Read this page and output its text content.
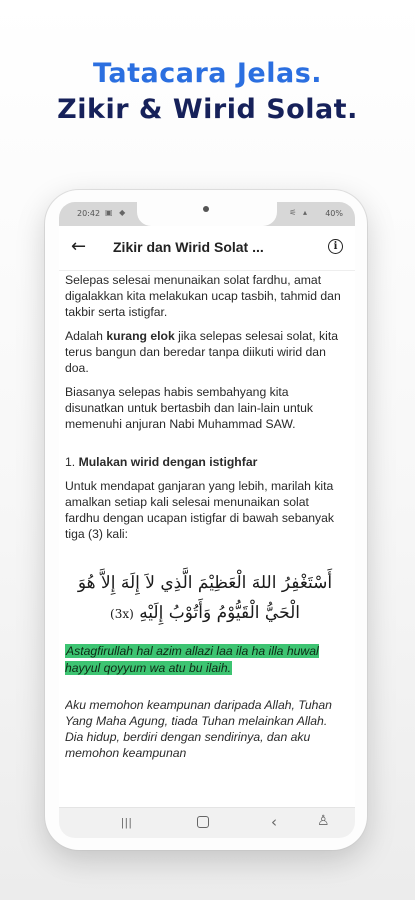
Tatacara Jelas.
Zikir & Wirid Solat.
20:42 ▣ ◆	⚟ ▴ 40%
← Zikir dan Wirid Solat ...	i

Selepas selesai menunaikan solat fardhu, amat digalakkan kita melakukan ucap tasbih, tahmid dan takbir serta istigfar.

Adalah kurang elok jika selepas selesai solat, kita terus bangun dan beredar tanpa diikuti wirid dan doa.

Biasanya selepas habis sembahyang kita disunatkan untuk bertasbih dan lain-lain untuk memenuhi anjuran Nabi Muhammad SAW.

1. Mulakan wirid dengan istighfar

Untuk mendapat ganjaran yang lebih, marilah kita amalkan setiap kali selesai menunaikan solat fardhu dengan ucapan istigfar di bawah sebanyak tiga (3) kali:

أَسْتَغْفِرُ اللهَ الْعَظِيْمَ الَّذِي لاَ إِلَهَ إِلاَّ هُوَ
الْحَيُّ الْقَيُّوْمُ وَأَتُوْبُ إِلَيْهِ (3x)

Astagfirullah hal azim allazi laa ila ha illa huwal hayyul qoyyum wa atu bu ilaih.

Aku memohon keampunan daripada Allah, Tuhan Yang Maha Agung, tiada Tuhan melainkan Allah. Dia hidup, berdiri dengan sendirinya, dan aku memohon keampunan

|||	‹	♙
